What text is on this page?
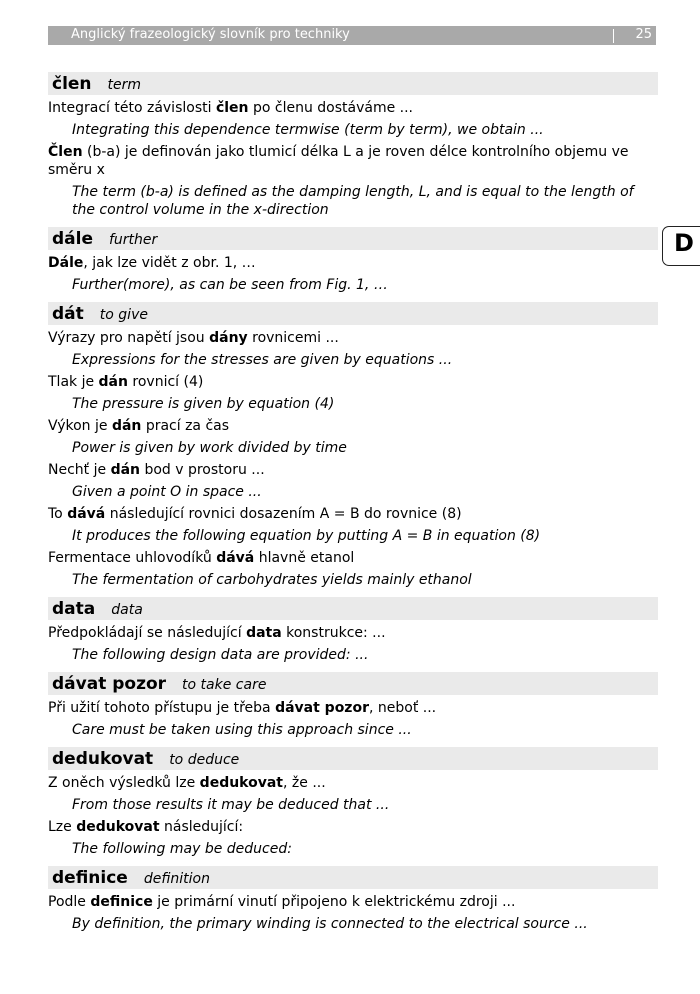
Anglický frazeologický slovník pro techniky	25
D
člen term
Integrací této závislosti člen po členu dostáváme ...
Integrating this dependence termwise (term by term), we obtain ...
Člen (b-a) je definován jako tlumicí délka L a je roven délce kontrolního objemu ve směru x
The term (b-a) is defined as the damping length, L, and is equal to the length of the control volume in the x-direction
dále further
Dále, jak lze vidět z obr. 1, …
Further(more), as can be seen from Fig. 1, …
dát to give
Výrazy pro napětí jsou dány rovnicemi ...
Expressions for the stresses are given by equations ...
Tlak je dán rovnicí (4)
The pressure is given by equation (4)
Výkon je dán prací za čas
Power is given by work divided by time
Nechť je dán bod v prostoru ...
Given a point O in space ...
To dává následující rovnici dosazením A = B do rovnice (8)
It produces the following equation by putting A = B in equation (8)
Fermentace uhlovodíků dává hlavně etanol
The fermentation of carbohydrates yields mainly ethanol
data data
Předpokládají se následující data konstrukce: ...
The following design data are provided: ...
dávat pozor to take care
Při užití tohoto přístupu je třeba dávat pozor, neboť ...
Care must be taken using this approach since ...
dedukovat to deduce
Z oněch výsledků lze dedukovat, že ...
From those results it may be deduced that ...
Lze dedukovat následující:
The following may be deduced:
definice definition
Podle definice je primární vinutí připojeno k elektrickému zdroji ...
By definition, the primary winding is connected to the electrical source ...
